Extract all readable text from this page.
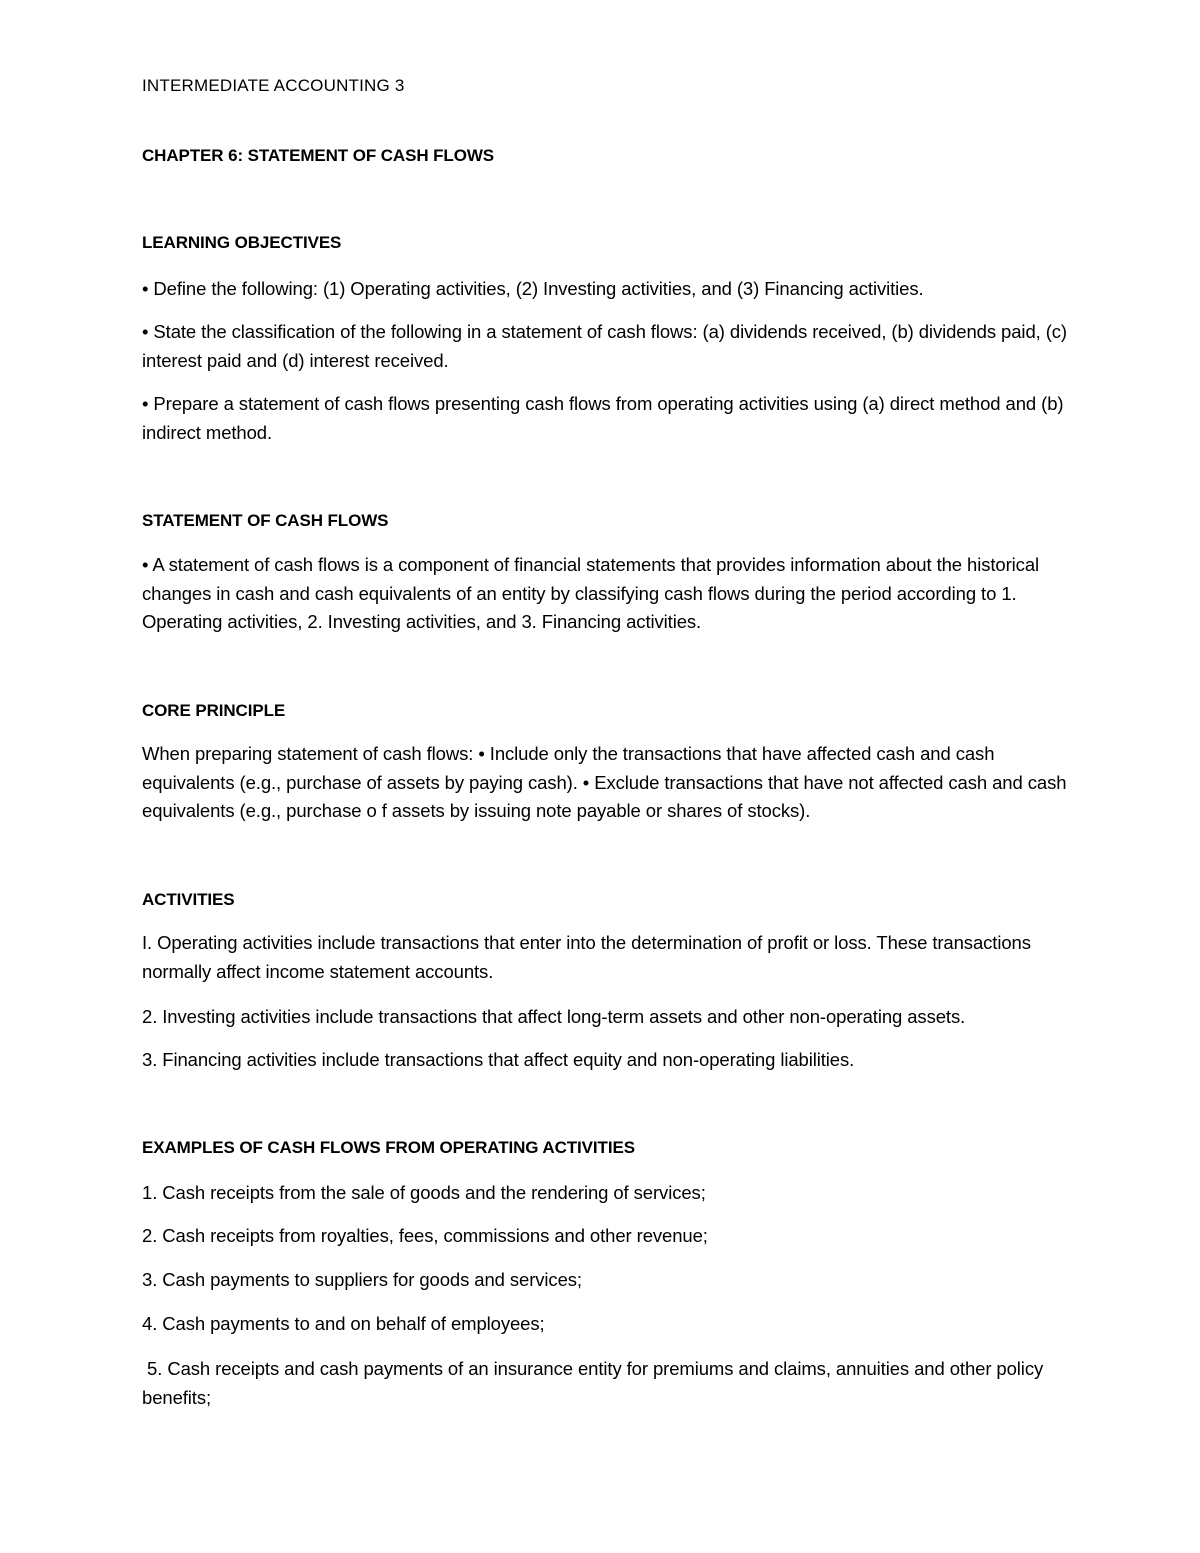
INTERMEDIATE ACCOUNTING 3
CHAPTER 6: STATEMENT OF CASH FLOWS
LEARNING OBJECTIVES
• Define the following: (1) Operating activities, (2) Investing activities, and (3) Financing activities.
• State the classification of the following in a statement of cash flows: (a) dividends received, (b) dividends paid, (c) interest paid and (d) interest received.
• Prepare a statement of cash flows presenting cash flows from operating activities using (a) direct method and (b) indirect method.
STATEMENT OF CASH FLOWS
• A statement of cash flows is a component of financial statements that provides information about the historical changes in cash and cash equivalents of an entity by classifying cash flows during the period according to 1. Operating activities, 2. Investing activities, and 3. Financing activities.
CORE PRINCIPLE
When preparing statement of cash flows: • Include only the transactions that have affected cash and cash equivalents (e.g., purchase of assets by paying cash). • Exclude transactions that have not affected cash and cash equivalents (e.g., purchase o f assets by issuing note payable or shares of stocks).
ACTIVITIES
I. Operating activities include transactions that enter into the determination of profit or loss. These transactions normally affect income statement accounts.
2. Investing activities include transactions that affect long-term assets and other non-operating assets.
3. Financing activities include transactions that affect equity and non-operating liabilities.
EXAMPLES OF CASH FLOWS FROM OPERATING ACTIVITIES
1. Cash receipts from the sale of goods and the rendering of services;
2. Cash receipts from royalties, fees, commissions and other revenue;
3. Cash payments to suppliers for goods and services;
4. Cash payments to and on behalf of employees;
5. Cash receipts and cash payments of an insurance entity for premiums and claims, annuities and other policy benefits;
